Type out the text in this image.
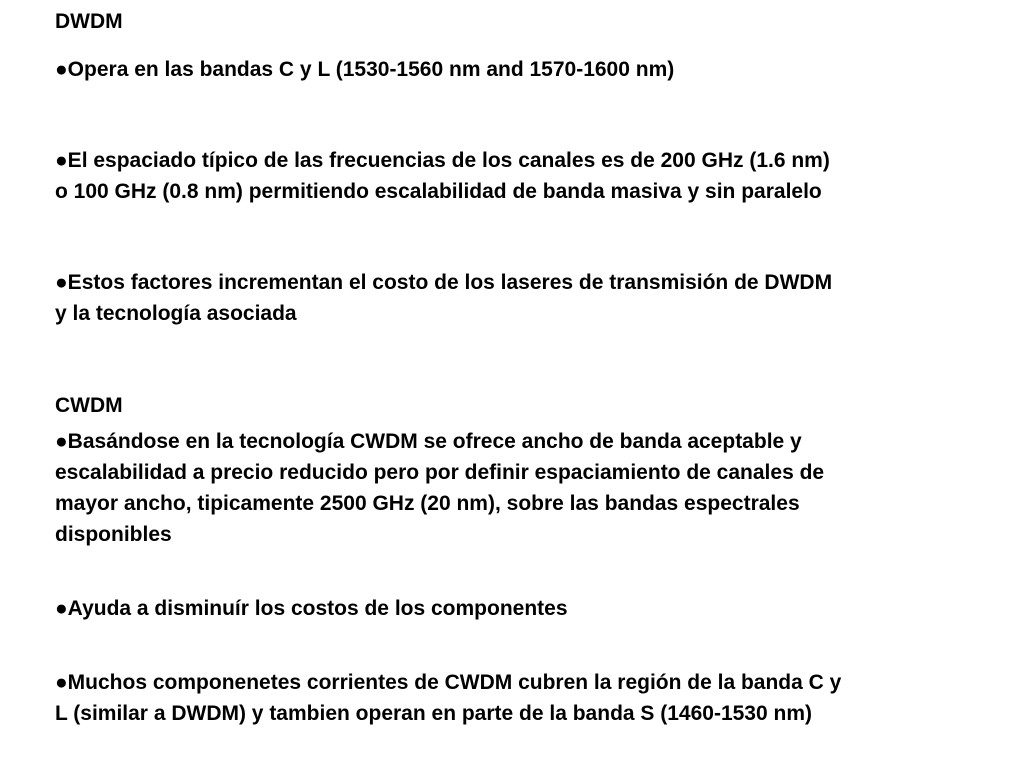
DWDM

●Opera en las bandas C y L (1530-1560 nm and 1570-1600 nm)

●El espaciado típico de las frecuencias de los canales es de 200 GHz (1.6 nm)

o 100 GHz (0.8 nm) permitiendo escalabilidad de banda masiva y sin paralelo

●Estos factores incrementan el costo de los laseres de transmisión de DWDM

y la tecnología asociada

CWDM

●Basándose en la tecnología CWDM se ofrece ancho de banda aceptable y

escalabilidad a precio reducido pero por definir espaciamiento de canales de

mayor ancho, tipicamente 2500 GHz (20 nm), sobre las bandas espectrales

disponibles

●Ayuda a disminuír los costos de los componentes

●Muchos componenetes corrientes de CWDM cubren la región de la banda C y

L (similar a DWDM) y tambien operan en parte de la banda S (1460-1530 nm)
